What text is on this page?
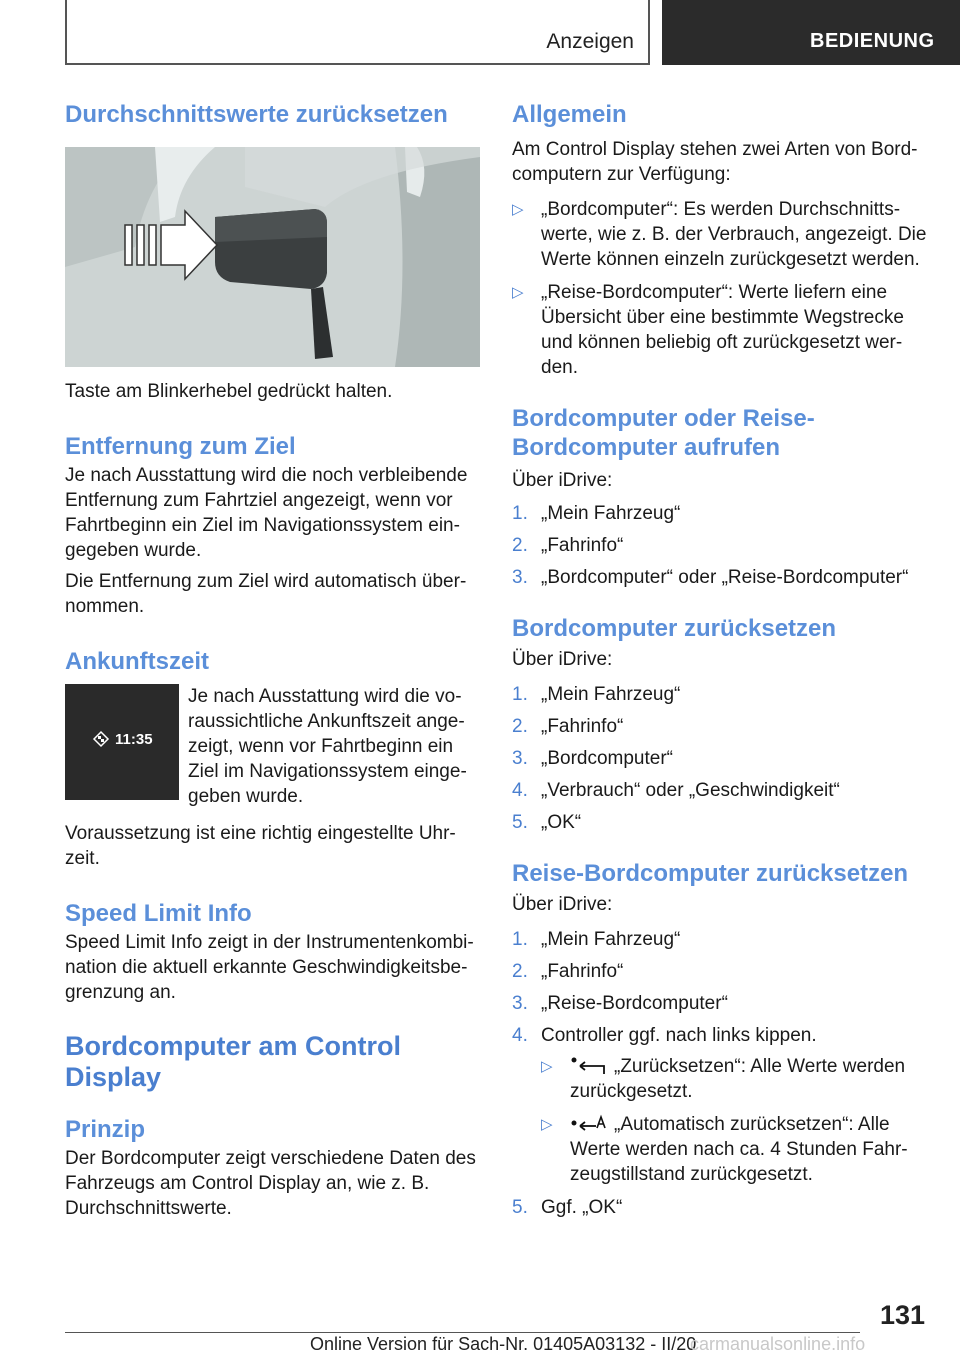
Anzeigen	BEDIENUNG
Durchschnittswerte zurücksetzen

Taste am Blinkerhebel gedrückt halten.

Entfernung zum Ziel

Je nach Ausstattung wird die noch verbleibende Entfernung zum Fahrtziel angezeigt, wenn vor Fahrtbeginn ein Ziel im Navigationssystem ein-gegeben wurde.

Die Entfernung zum Ziel wird automatisch über-nommen.

Ankunftszeit
11:35

Je nach Ausstattung wird die vo-raussichtliche Ankunftszeit ange-zeigt, wenn vor Fahrtbeginn ein Ziel im Navigationssystem einge-geben wurde.

Voraussetzung ist eine richtig eingestellte Uhr-zeit.

Speed Limit Info

Speed Limit Info zeigt in der Instrumentenkombi-nation die aktuell erkannte Geschwindigkeitsbe-grenzung an.

Bordcomputer am Control Display
Prinzip

Der Bordcomputer zeigt verschiedene Daten des Fahrzeugs am Control Display an, wie z. B. Durchschnittswerte.

Allgemein

Am Control Display stehen zwei Arten von Bord-computern zur Verfügung:

▷ „Bordcomputer“: Es werden Durchschnitts-werte, wie z. B. der Verbrauch, angezeigt. Die Werte können einzeln zurückgesetzt werden.
▷ „Reise-Bordcomputer“: Werte liefern eine Übersicht über eine bestimmte Wegstrecke und können beliebig oft zurückgesetzt wer-den.
Bordcomputer oder Reise-Bordcomputer aufrufen

Über iDrive:

1. „Mein Fahrzeug“
2. „Fahrinfo“
3. „Bordcomputer“ oder „Reise-Bordcomputer“
Bordcomputer zurücksetzen

Über iDrive:

1. „Mein Fahrzeug“
2. „Fahrinfo“
3. „Bordcomputer“
4. „Verbrauch“ oder „Geschwindigkeit“
5. „OK“
Reise-Bordcomputer zurücksetzen

Über iDrive:

1. „Mein Fahrzeug“
2. „Fahrinfo“
3. „Reise-Bordcomputer“
4. Controller ggf. nach links kippen.
▷	„Zurücksetzen“: Alle Werte werden zurückgesetzt.
▷	„Automatisch zurücksetzen“: Alle Werte werden nach ca. 4 Stunden Fahr-zeugstillstand zurückgesetzt.
5. Ggf. „OK“
131
Online Version für Sach-Nr. 01405A03132 - II/20
carmanualsonline.info
